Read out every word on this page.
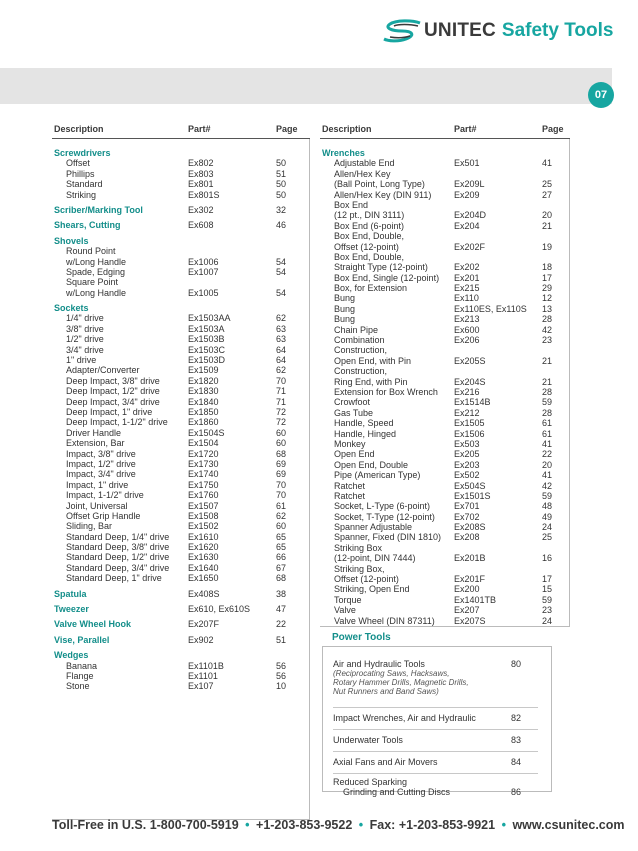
UNITEC Safety Tools
07
Description	Part#	Page
Screwdrivers
Offset	Ex802	50
Phillips	Ex803	51
Standard	Ex801	50
Striking	Ex801S	50
Scriber/Marking Tool	Ex302	32
Shears, Cutting	Ex608	46
Shovels
Round Point
w/Long Handle	Ex1006	54
Spade, Edging	Ex1007	54
Square Point
w/Long Handle	Ex1005	54
Sockets
1/4" drive	Ex1503AA	62
3/8" drive	Ex1503A	63
1/2" drive	Ex1503B	63
3/4" drive	Ex1503C	64
1" drive	Ex1503D	64
Adapter/Converter	Ex1509	62
Deep Impact, 3/8" drive	Ex1820	70
Deep Impact, 1/2" drive	Ex1830	71
Deep Impact, 3/4" drive	Ex1840	71
Deep Impact, 1" drive	Ex1850	72
Deep Impact, 1-1/2" drive Ex1860	72
Driver Handle	Ex1504S	60
Extension, Bar	Ex1504	60
Impact, 3/8" drive	Ex1720	68
Impact, 1/2" drive	Ex1730	69
Impact, 3/4" drive	Ex1740	69
Impact, 1" drive	Ex1750	70
Impact, 1-1/2" drive	Ex1760	70
Joint, Universal	Ex1507	61
Offset Grip Handle	Ex1508	62
Sliding, Bar	Ex1502	60
Standard Deep, 1/4" drive Ex1610	65
Standard Deep, 3/8" drive Ex1620	65
Standard Deep, 1/2" drive Ex1630	66
Standard Deep, 3/4" drive Ex1640	67
Standard Deep, 1" drive	Ex1650	68
Spatula	Ex408S	38
Tweezer	Ex610, Ex610S	47
Valve Wheel Hook	Ex207F	22
Vise, Parallel	Ex902	51
Wedges
Banana	Ex1101B	56
Flange	Ex1101	56
Stone	Ex107	10
Description	Part#	Page
Wrenches
Adjustable End	Ex501	41
Allen/Hex Key
(Ball Point, Long Type)	Ex209L	25
Allen/Hex Key (DIN 911)	Ex209	27
Box End
(12 pt., DIN 3111)	Ex204D	20
Box End (6-point)	Ex204	21
Box End, Double,
Offset (12-point)	Ex202F	19
Box End, Double,
Straight Type (12-point)	Ex202	18
Box End, Single (12-point) Ex201	17
Box, for Extension	Ex215	29
Bung	Ex110	12
Bung	Ex110ES, Ex110S 13
Bung	Ex213	28
Chain Pipe	Ex600	42
Combination	Ex206	23
Construction,
Open End, with Pin	Ex205S	21
Construction,
Ring End, with Pin	Ex204S	21
Extension for Box Wrench Ex216	28
Crowfoot	Ex1514B	59
Gas Tube	Ex212	28
Handle, Speed	Ex1505	61
Handle, Hinged	Ex1506	61
Monkey	Ex503	41
Open End	Ex205	22
Open End, Double	Ex203	20
Pipe (American Type)	Ex502	41
Ratchet	Ex504S	42
Ratchet	Ex1501S	59
Socket, L-Type (6-point)	Ex701	48
Socket, T-Type (12-point) Ex702	49
Spanner Adjustable	Ex208S	24
Spanner, Fixed (DIN 1810) Ex208	25
Striking Box
(12-point, DIN 7444)	Ex201B	16
Striking Box,
Offset (12-point)	Ex201F	17
Striking, Open End	Ex200	15
Torque	Ex1401TB	59
Valve	Ex207	23
Valve Wheel (DIN 87311) Ex207S	24
Power Tools
Air and Hydraulic Tools	80
(Reciprocating Saws, Hacksaws,
Rotary Hammer Drills, Magnetic Drills,
Nut Runners and Band Saws)
Impact Wrenches, Air and Hydraulic	82
Underwater Tools	83
Axial Fans and Air Movers	84
Reduced Sparking
Grinding and Cutting Discs	86
Toll-Free in U.S. 1-800-700-5919 • +1-203-853-9522 • Fax: +1-203-853-9921 • www.csunitec.com
